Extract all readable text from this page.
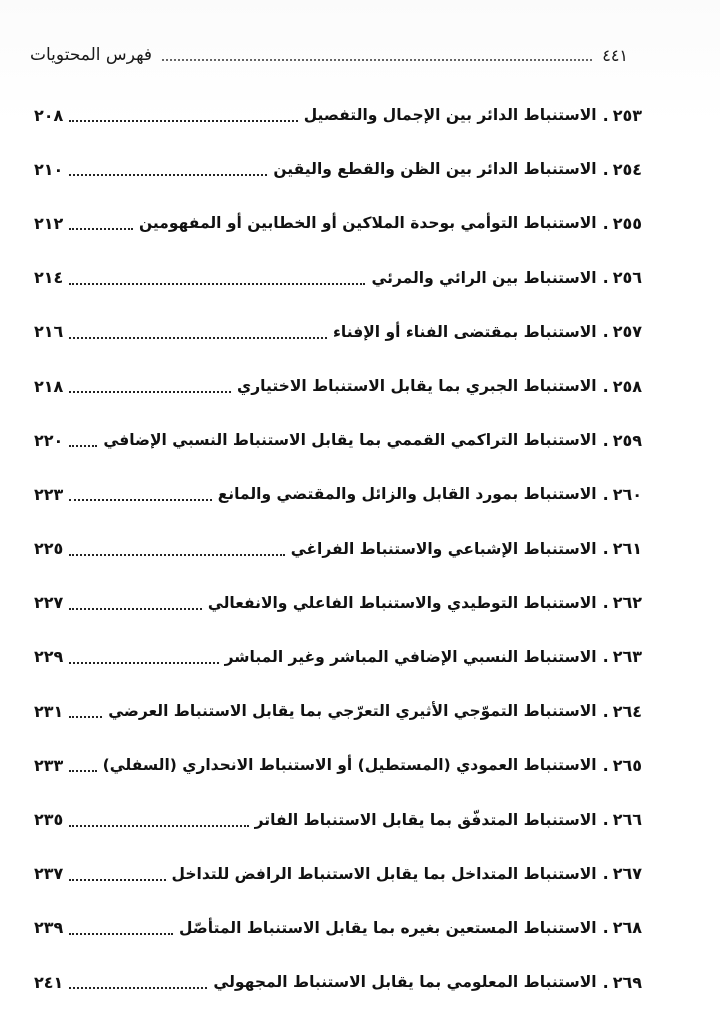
فهرس المحتويات	٤٤١
٢٥٣
.
الاستنباط الدائر بين الإجمال والتفصيل
٢٠٨
٢٥٤
.
الاستنباط الدائر بين الظن والقطع واليقين
٢١٠
٢٥٥
.
الاستنباط التوأمي بوحدة الملاكين أو الخطابين أو المفهومين
٢١٢
٢٥٦
.
الاستنباط بين الرائي والمرئي
٢١٤
٢٥٧
.
الاستنباط بمقتضى الفناء أو الإفناء
٢١٦
٢٥٨
.
الاستنباط الجبري بما يقابل الاستنباط الاختياري
٢١٨
٢٥٩
.
الاستنباط التراكمي القممي بما يقابل الاستنباط النسبي الإضافي
٢٢٠
٢٦٠
.
الاستنباط بمورد القابل والزائل والمقتضي والمانع
٢٢٣
٢٦١
.
الاستنباط الإشباعي والاستنباط الفراغي
٢٢٥
٢٦٢
.
الاستنباط التوطيدي والاستنباط الفاعلي والانفعالي
٢٢٧
٢٦٣
.
الاستنباط النسبي الإضافي المباشر وغير المباشر
٢٢٩
٢٦٤
.
الاستنباط التموّجي الأثيري التعرّجي بما يقابل الاستنباط العرضي
٢٣١
٢٦٥
.
الاستنباط العمودي (المستطيل) أو الاستنباط الانحداري (السفلي)
٢٣٣
٢٦٦
.
الاستنباط المتدفّق بما يقابل الاستنباط الفاتر
٢٣٥
٢٦٧
.
الاستنباط المتداخل بما يقابل الاستنباط الرافض للتداخل
٢٣٧
٢٦٨
.
الاستنباط المستعين بغيره بما يقابل الاستنباط المتأصّل
٢٣٩
٢٦٩
.
الاستنباط المعلومي بما يقابل الاستنباط المجهولي
٢٤١
